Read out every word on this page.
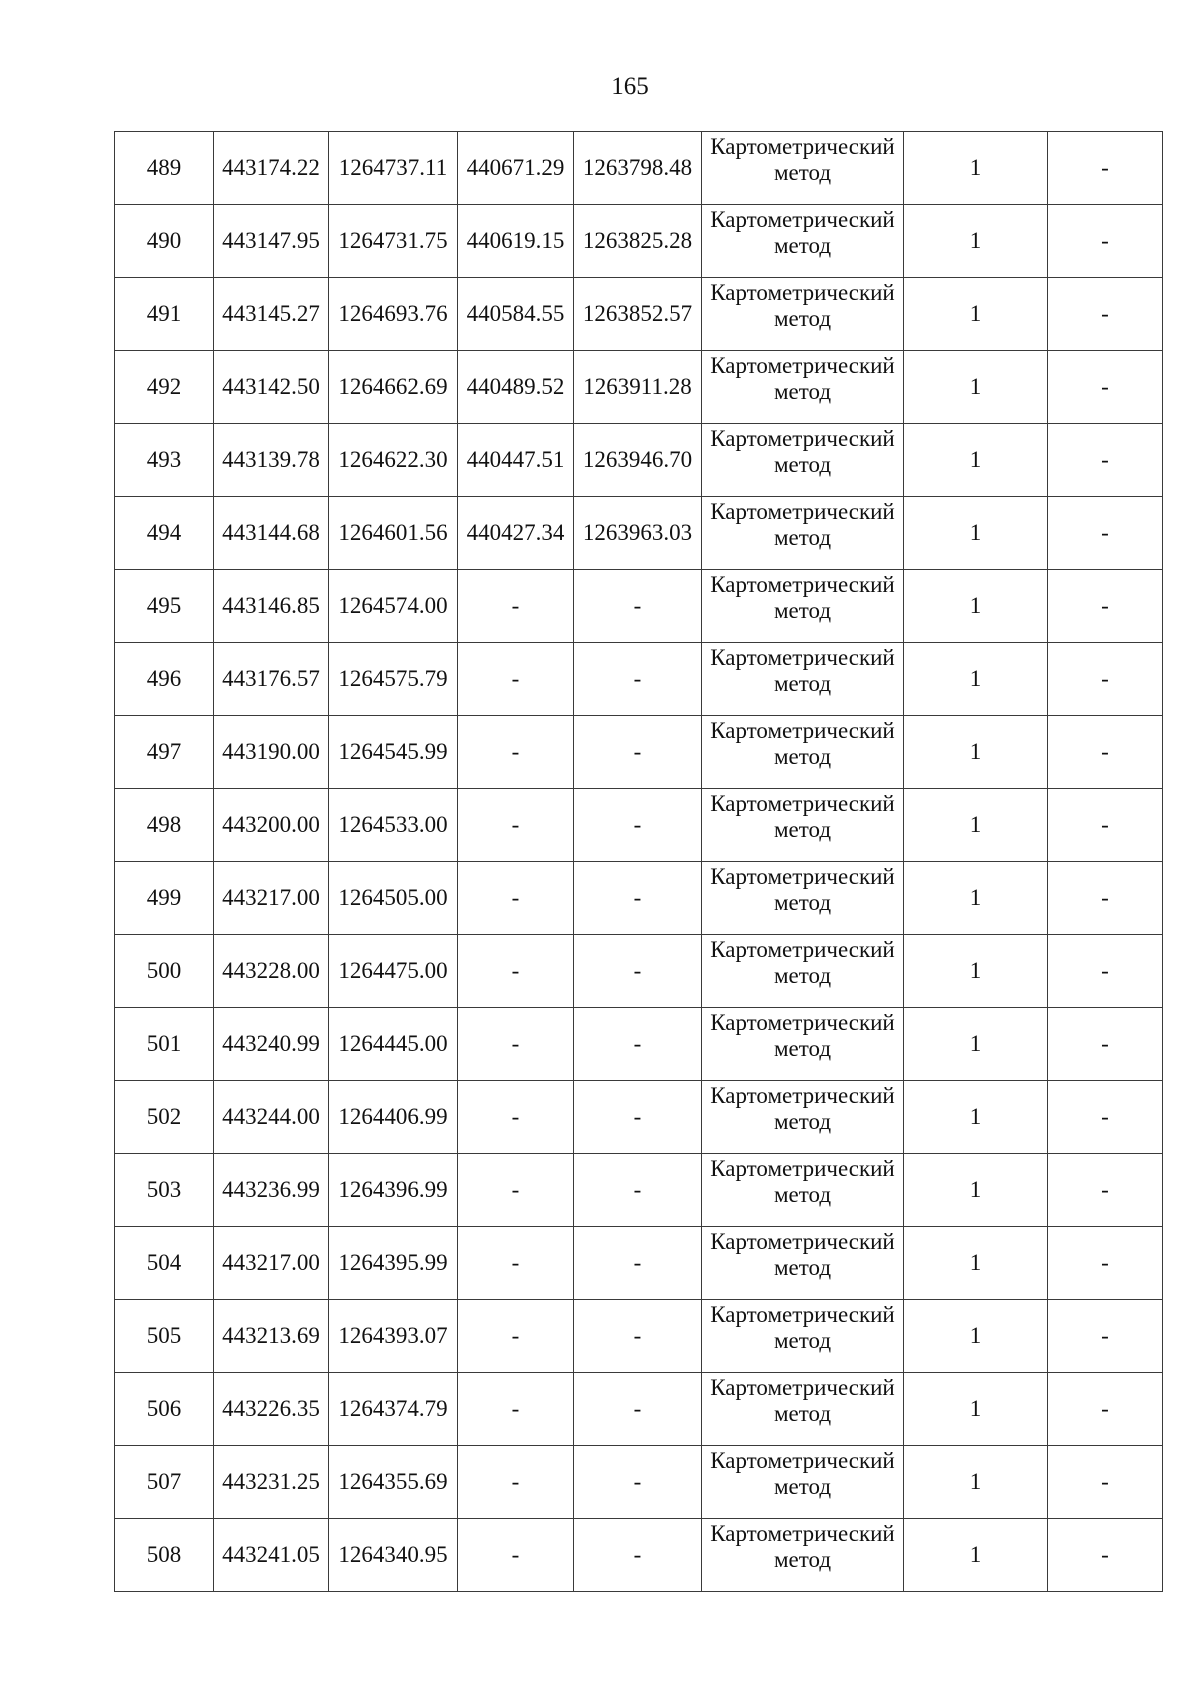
165
489	443174.22	1264737.11	440671.29	1263798.48	Картометрический
метод	1	-
490	443147.95	1264731.75	440619.15	1263825.28	Картометрический
метод	1	-
491	443145.27	1264693.76	440584.55	1263852.57	Картометрический
метод	1	-
492	443142.50	1264662.69	440489.52	1263911.28	Картометрический
метод	1	-
493	443139.78	1264622.30	440447.51	1263946.70	Картометрический
метод	1	-
494	443144.68	1264601.56	440427.34	1263963.03	Картометрический
метод	1	-
495	443146.85	1264574.00	-	-	Картометрический
метод	1	-
496	443176.57	1264575.79	-	-	Картометрический
метод	1	-
497	443190.00	1264545.99	-	-	Картометрический
метод	1	-
498	443200.00	1264533.00	-	-	Картометрический
метод	1	-
499	443217.00	1264505.00	-	-	Картометрический
метод	1	-
500	443228.00	1264475.00	-	-	Картометрический
метод	1	-
501	443240.99	1264445.00	-	-	Картометрический
метод	1	-
502	443244.00	1264406.99	-	-	Картометрический
метод	1	-
503	443236.99	1264396.99	-	-	Картометрический
метод	1	-
504	443217.00	1264395.99	-	-	Картометрический
метод	1	-
505	443213.69	1264393.07	-	-	Картометрический
метод	1	-
506	443226.35	1264374.79	-	-	Картометрический
метод	1	-
507	443231.25	1264355.69	-	-	Картометрический
метод	1	-
508	443241.05	1264340.95	-	-	Картометрический
метод	1	-
